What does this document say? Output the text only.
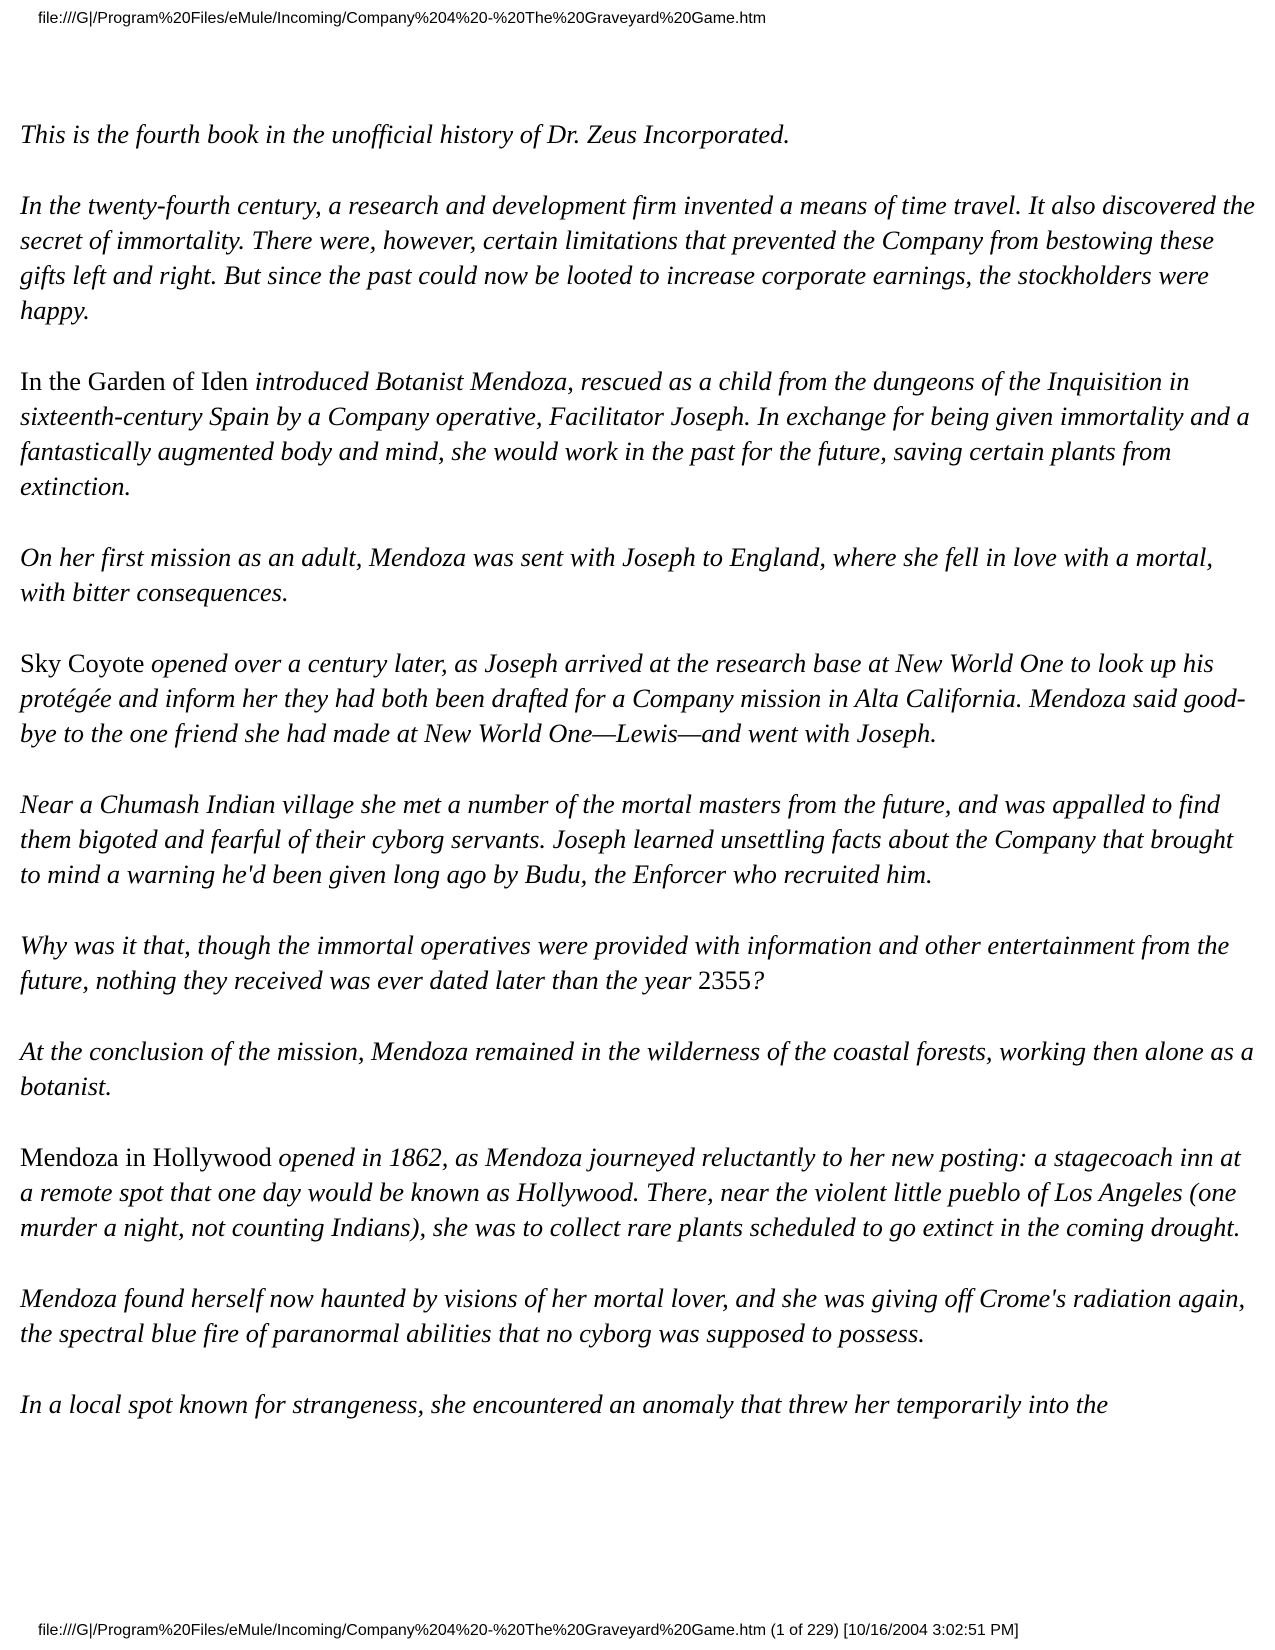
file:///G|/Program%20Files/eMule/Incoming/Company%204%20-%20The%20Graveyard%20Game.htm

This is the fourth book in the unofficial history of Dr. Zeus Incorporated.

In the twenty-fourth century, a research and development firm invented a means of time travel. It also discovered the secret of immortality. There were, however, certain limitations that prevented the Company from bestowing these gifts left and right. But since the past could now be looted to increase corporate earnings, the stockholders were happy.

In the Garden of Iden introduced Botanist Mendoza, rescued as a child from the dungeons of the Inquisition in sixteenth-century Spain by a Company operative, Facilitator Joseph. In exchange for being given immortality and a fantastically augmented body and mind, she would work in the past for the future, saving certain plants from extinction.

On her first mission as an adult, Mendoza was sent with Joseph to England, where she fell in love with a mortal, with bitter consequences.

Sky Coyote opened over a century later, as Joseph arrived at the research base at New World One to look up his protégée and inform her they had both been drafted for a Company mission in Alta California. Mendoza said good-bye to the one friend she had made at New World One—Lewis—and went with Joseph.

Near a Chumash Indian village she met a number of the mortal masters from the future, and was appalled to find them bigoted and fearful of their cyborg servants. Joseph learned unsettling facts about the Company that brought to mind a warning he'd been given long ago by Budu, the Enforcer who recruited him.

Why was it that, though the immortal operatives were provided with information and other entertainment from the future, nothing they received was ever dated later than the year 2355?

At the conclusion of the mission, Mendoza remained in the wilderness of the coastal forests, working then alone as a botanist.

Mendoza in Hollywood opened in 1862, as Mendoza journeyed reluctantly to her new posting: a stagecoach inn at a remote spot that one day would be known as Hollywood. There, near the violent little pueblo of Los Angeles (one murder a night, not counting Indians), she was to collect rare plants scheduled to go extinct in the coming drought.

Mendoza found herself now haunted by visions of her mortal lover, and she was giving off Crome's radiation again, the spectral blue fire of paranormal abilities that no cyborg was supposed to possess.

In a local spot known for strangeness, she encountered an anomaly that threw her temporarily into the

file:///G|/Program%20Files/eMule/Incoming/Company%204%20-%20The%20Graveyard%20Game.htm (1 of 229) [10/16/2004 3:02:51 PM]
